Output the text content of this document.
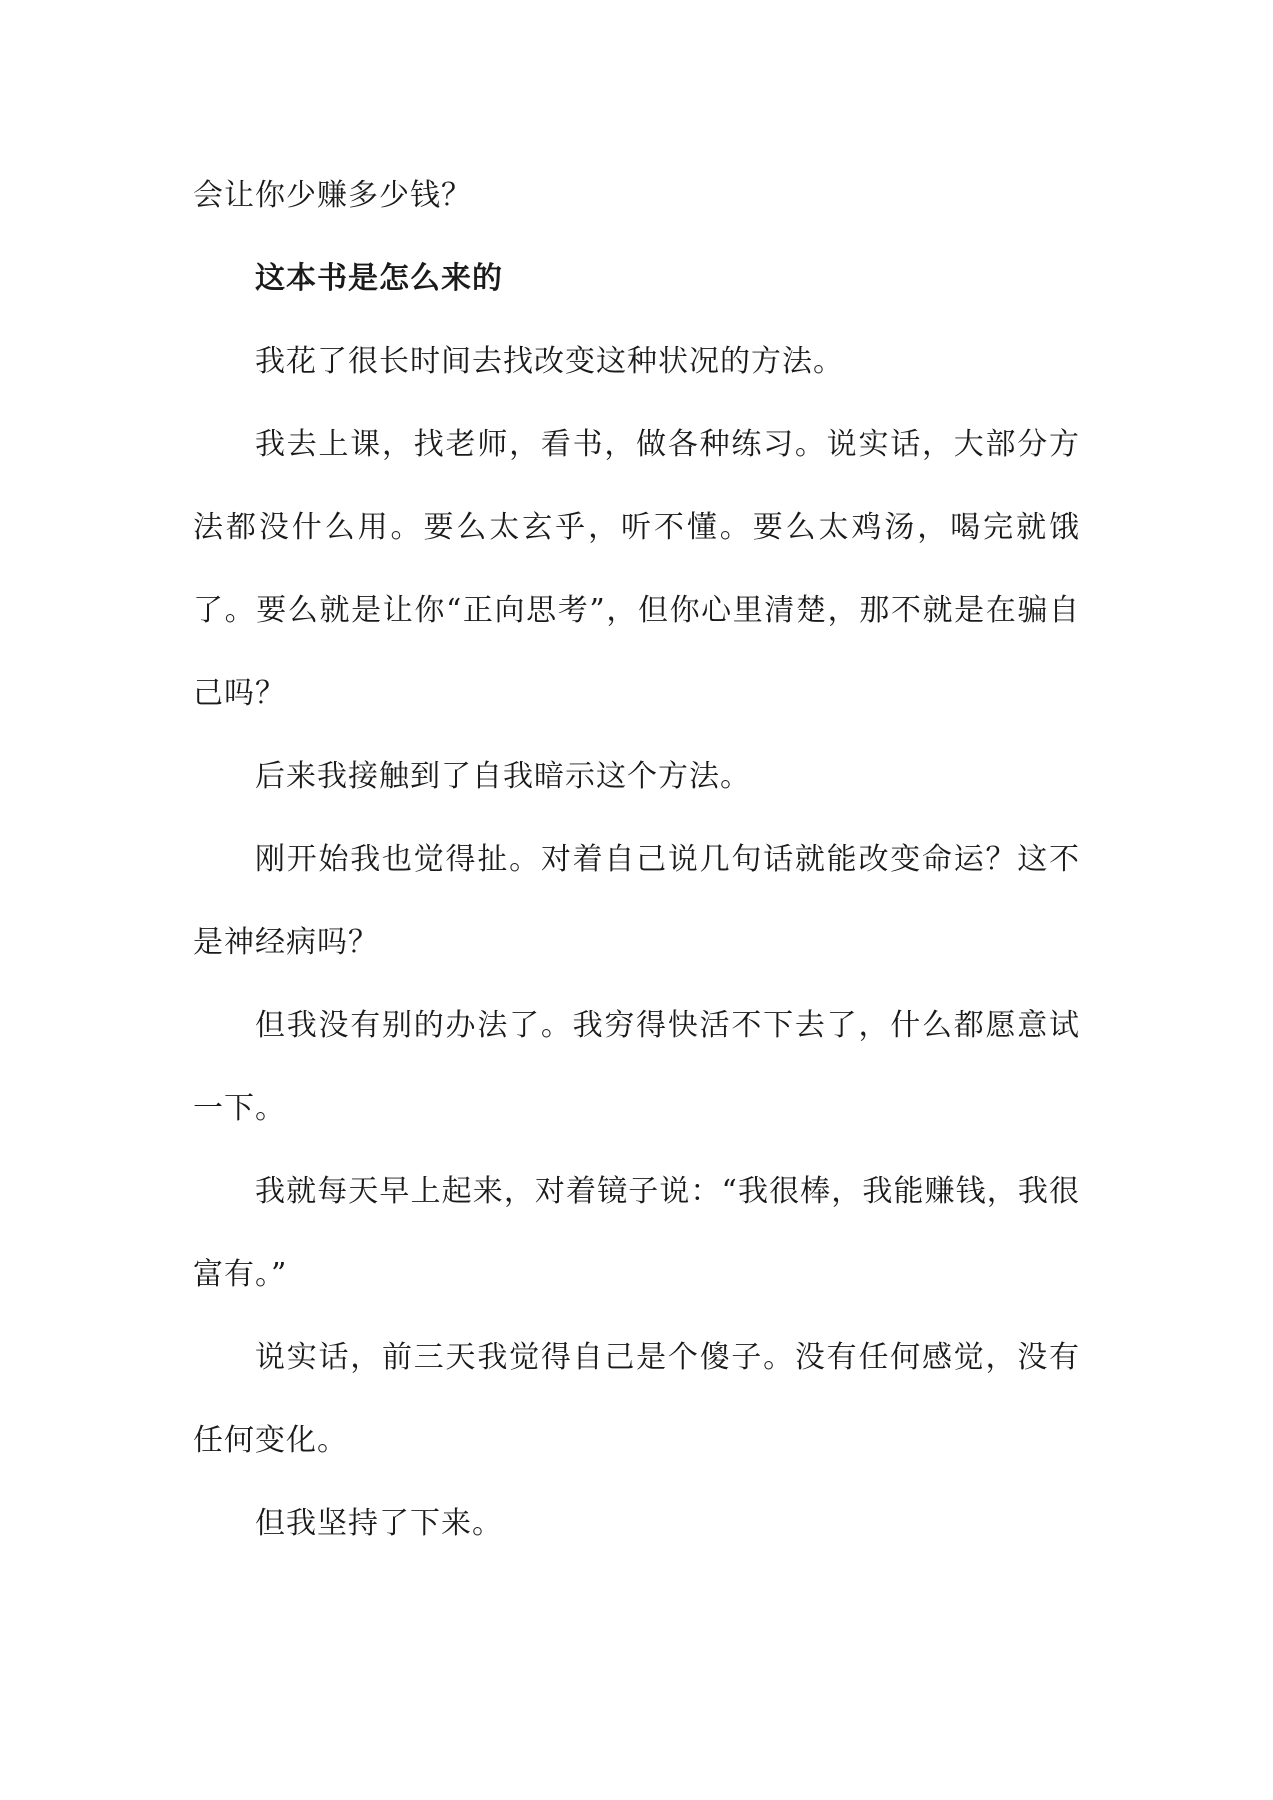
会让你少赚多少钱？

这本书是怎么来的

我花了很长时间去找改变这种状况的方法。

我去上课，找老师，看书，做各种练习。说实话，大部分方法都没什么用。要么太玄乎，听不懂。要么太鸡汤，喝完就饿了。要么就是让你“正向思考”，但你心里清楚，那不就是在骗自己吗？

后来我接触到了自我暗示这个方法。

刚开始我也觉得扯。对着自己说几句话就能改变命运？这不是神经病吗？

但我没有别的办法了。我穷得快活不下去了，什么都愿意试一下。

我就每天早上起来，对着镜子说：“我很棒，我能赚钱，我很富有。”

说实话，前三天我觉得自己是个傻子。没有任何感觉，没有任何变化。

但我坚持了下来。
